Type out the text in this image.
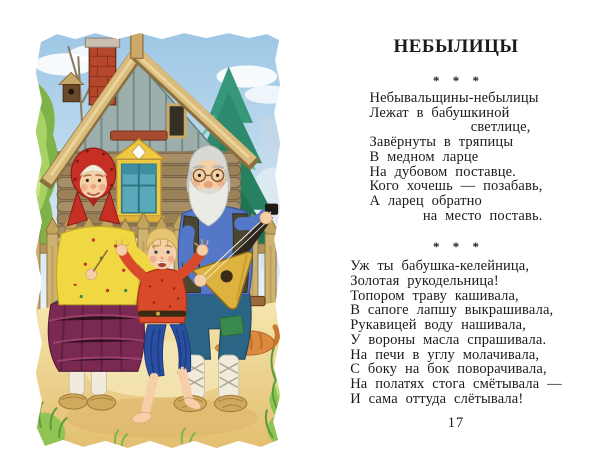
НЕБЫЛИЦЫ
* * *
Небывальщины-небылицы
Лежат в бабушкиной
светлице,
Завёрнуты в тряпицы
В медном ларце
На дубовом поставце.
Кого хочешь — позабавь,
А ларец обратно
на место поставь.
* * *
Уж ты бабушка-келейница,
Золотая рукодельница!
Топором траву кашивала,
В сапоге лапшу выкрашивала,
Рукавицей воду нашивала,
У вороны масла спрашивала.
На печи в углу молачивала,
С боку на бок поворачивала,
На полатях стога смётывала —
И сама оттуда слётывала!
17
